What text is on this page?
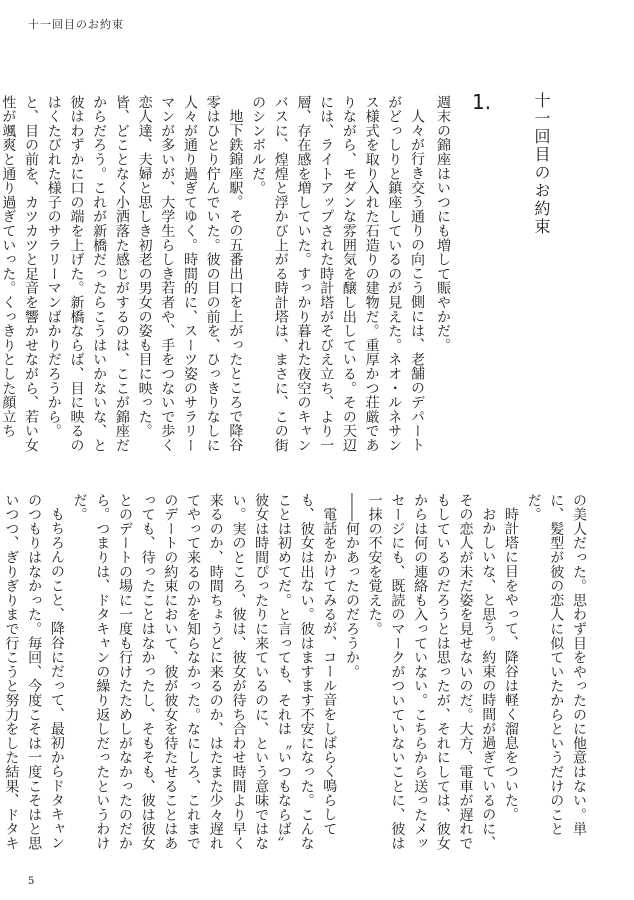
十一回目のお約束
十一回目のお約束
1.
週末の錦座はいつにも増して賑やかだ。

人々が行き交う通りの向こう側には、老舗のデパートがどっしりと鎮座しているのが見えた。ネオ・ルネサンス様式を取り入れた石造りの建物だ。重厚かつ荘厳でありながら、モダンな雰囲気を醸し出している。その天辺には、ライトアップされた時計塔がそびえ立ち、より一層、存在感を増していた。すっかり暮れた夜空のキャンバスに、煌煌と浮かび上がる時計塔は、まさに、この街のシンボルだ。

地下鉄錦座駅。その五番出口を上がったところで降谷零はひとり佇んでいた。彼の目の前を、ひっきりなしに人々が通り過ぎてゆく。時間的に、スーツ姿のサラリーマンが多いが、大学生らしき若者や、手をつないで歩く恋人達、夫婦と思しき初老の男女の姿も目に映った。皆、どことなく小洒落た感じがするのは、ここが錦座だからだろう。これが新橋だったらこうはいかないな、と彼はわずかに口の端を上げた。新橋ならば、目に映るのはくたびれた様子のサラリーマンばかりだろうから。と、目の前を、カツカツと足音を響かせながら、若い女性が颯爽と通り過ぎていった。くっきりとした顔立ち

の美人だった。思わず目をやったのに他意はない。単に、髪型が彼の恋人に似ていたからというだけのことだ。

時計塔に目をやって、降谷は軽く溜息をついた。

おかしいな、と思う。約束の時間が過ぎているのに、その恋人が未だ姿を見せないのだ。大方、電車が遅れでもしているのだろうとは思ったが、それにしては、彼女からは何の連絡も入っていない。こちらから送ったメッセージにも、既読のマークがついていないことに、彼は一抹の不安を覚えた。

――何かあったのだろうか。

電話をかけてみるが、コール音をしばらく鳴らしても、彼女は出ない。彼はますます不安になった。こんなことは初めてだ。と言っても、それは〝いつもならば〟彼女は時間ぴったりに来ているのに、という意味ではない。実のところ、彼は、彼女が待ち合わせ時間より早く来るのか、時間ちょうどに来るのか、はたまた少々遅れてやって来るのかを知らなかった。なにしろ、これまでのデートの約束において、彼が彼女を待たせることはあっても、待ったことはなかったし、そもそも、彼は彼女とのデートの場に一度も行けたためしがなかったのだから。つまりは、ドタキャンの繰り返しだったというわけだ。

もちろんのこと、降谷にだって、最初からドタキャンのつもりはなかった。毎回、今度こそは一度こそはと思いつつ、ぎりぎりまで行こうと努力をした結果、ドタキ

5
